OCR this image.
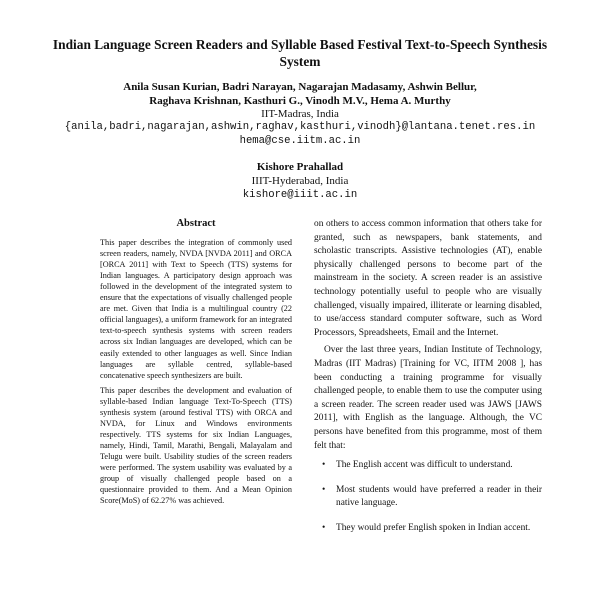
Indian Language Screen Readers and Syllable Based Festival Text-to-Speech Synthesis System
Anila Susan Kurian, Badri Narayan, Nagarajan Madasamy, Ashwin Bellur,
Raghava Krishnan, Kasthuri G., Vinodh M.V., Hema A. Murthy
IIT-Madras, India
{anila,badri,nagarajan,ashwin,raghav,kasthuri,vinodh}@lantana.tenet.res.in
hema@cse.iitm.ac.in
Kishore Prahallad
IIIT-Hyderabad, India
kishore@iiit.ac.in
Abstract

This paper describes the integration of commonly used screen readers, namely, NVDA [NVDA 2011] and ORCA [ORCA 2011] with Text to Speech (TTS) systems for Indian languages. A participatory design approach was followed in the development of the integrated system to ensure that the expectations of visually challenged people are met. Given that India is a multilingual country (22 official languages), a uniform framework for an integrated text-to-speech synthesis systems with screen readers across six Indian languages are developed, which can be easily extended to other languages as well. Since Indian languages are syllable centred, syllable-based concatenative speech synthesizers are built.

This paper describes the development and evaluation of syllable-based Indian language Text-To-Speech (TTS) synthesis system (around festival TTS) with ORCA and NVDA, for Linux and Windows environments respectively. TTS systems for six Indian Languages, namely, Hindi, Tamil, Marathi, Bengali, Malayalam and Telugu were built. Usability studies of the screen readers were performed. The system usability was evaluated by a group of visually challenged people based on a questionnaire provided to them. And a Mean Opinion Score(MoS) of 62.27% was achieved.

on others to access common information that others take for granted, such as newspapers, bank statements, and scholastic transcripts. Assistive technologies (AT), enable physically challenged persons to become part of the mainstream in the society. A screen reader is an assistive technology potentially useful to people who are visually challenged, visually impaired, illiterate or learning disabled, to use/access standard computer software, such as Word Processors, Spreadsheets, Email and the Internet.

Over the last three years, Indian Institute of Technology, Madras (IIT Madras) [Training for VC, IITM 2008 ], has been conducting a training programme for visually challenged people, to enable them to use the computer using a screen reader. The screen reader used was JAWS [JAWS 2011], with English as the language. Although, the VC persons have benefited from this programme, most of them felt that:

• The English accent was difficult to understand.
• Most students would have preferred a reader in their native language.
• They would prefer English spoken in Indian accent.
